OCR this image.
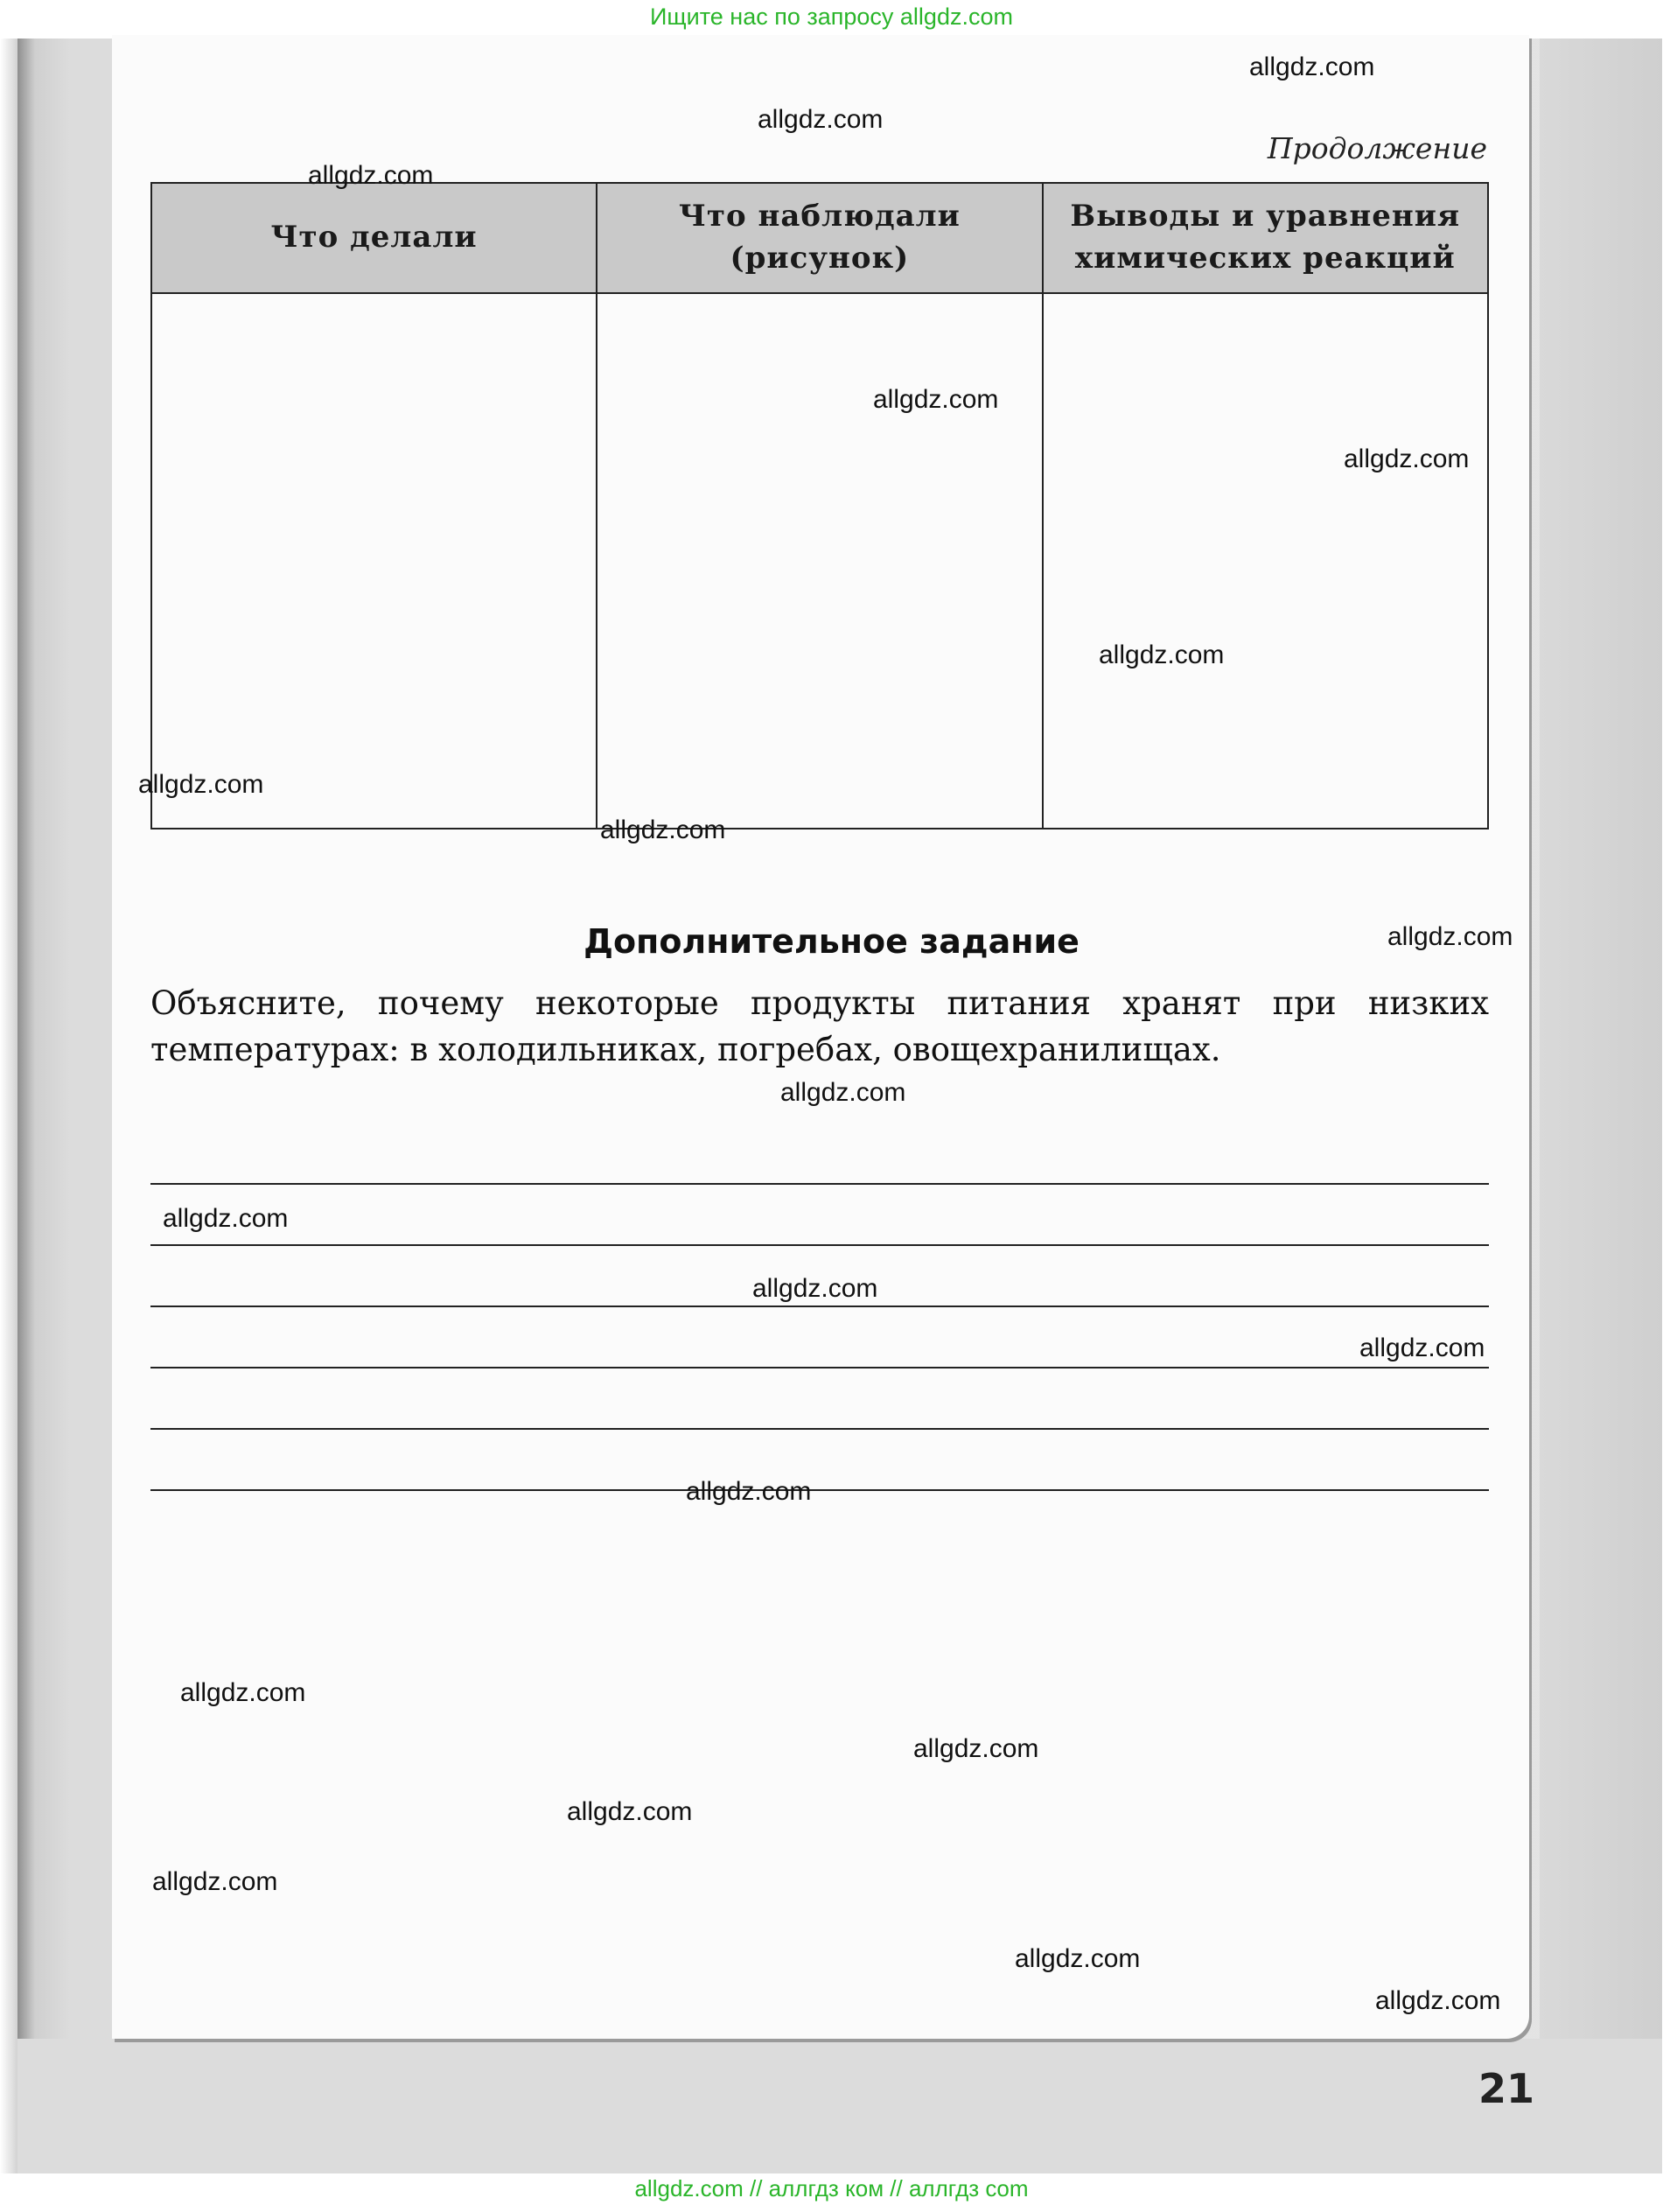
Ищите нас по запросу allgdz.com
Продолжение
Что делали	Что наблюдали (рисунок)	Выводы и уравнения химических реакций

Дополнительное задание
Объясните, почему некоторые продукты питания хранят при низких температурах: в холодильниках, погребах, овощехранилищах.
21
allgdz.com
allgdz.com
allgdz.com
allgdz.com
allgdz.com
allgdz.com
allgdz.com
allgdz.com
allgdz.com
allgdz.com
allgdz.com
allgdz.com
allgdz.com
allgdz.com
allgdz.com
allgdz.com
allgdz.com
allgdz.com
allgdz.com
allgdz.com
allgdz.com // аллгдз ком // аллгдз com
